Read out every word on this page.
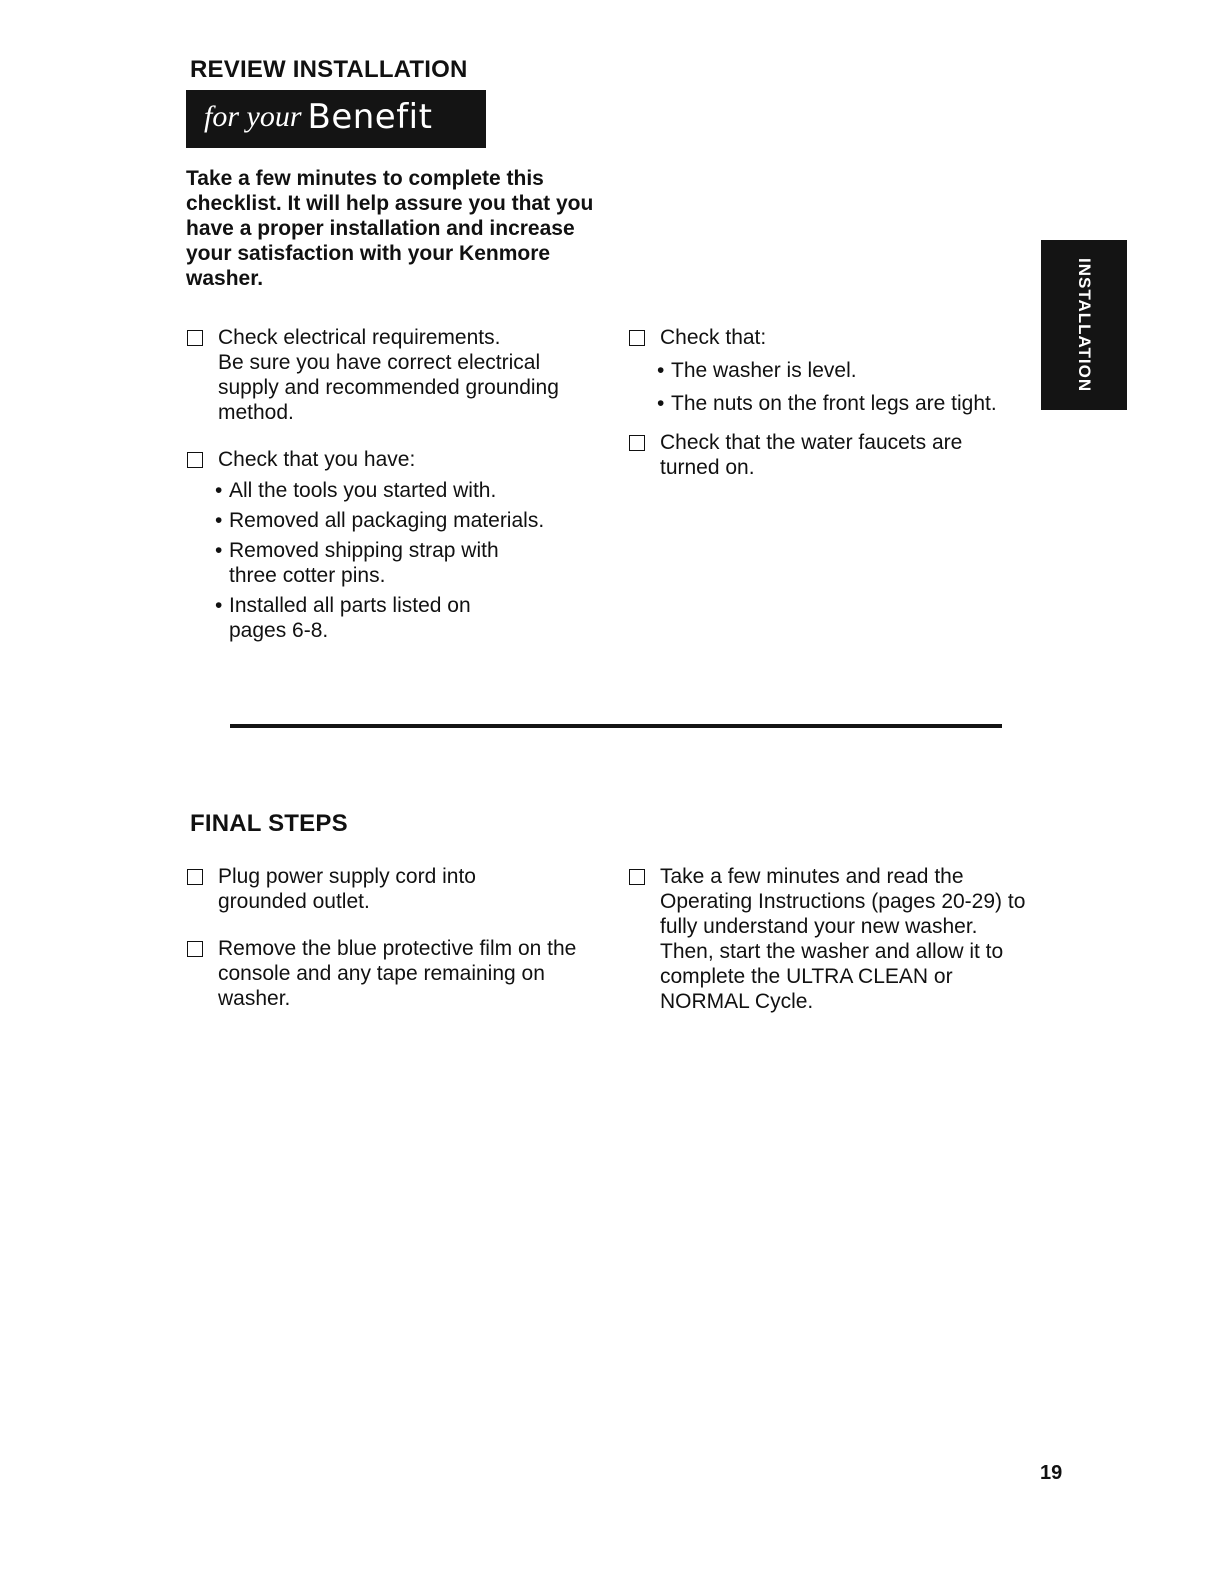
REVIEW INSTALLATION
for your Benefit
Take a few minutes to complete this checklist. It will help assure you that you have a proper installation and increase your satisfaction with your Kenmore washer.
Check electrical requirements.
Be sure you have correct electrical supply and recommended grounding method.
Check that you have:
• All the tools you started with.
• Removed all packaging materials.
• Removed shipping strap with three cotter pins.
• Installed all parts listed on pages 6-8.
Check that:
• The washer is level.
• The nuts on the front legs are tight.
Check that the water faucets are turned on.
INSTALLATION
FINAL STEPS
Plug power supply cord into grounded outlet.
Remove the blue protective film on the console and any tape remaining on washer.
Take a few minutes and read the Operating Instructions (pages 20-29) to fully understand your new washer. Then, start the washer and allow it to complete the ULTRA CLEAN or NORMAL Cycle.
19
